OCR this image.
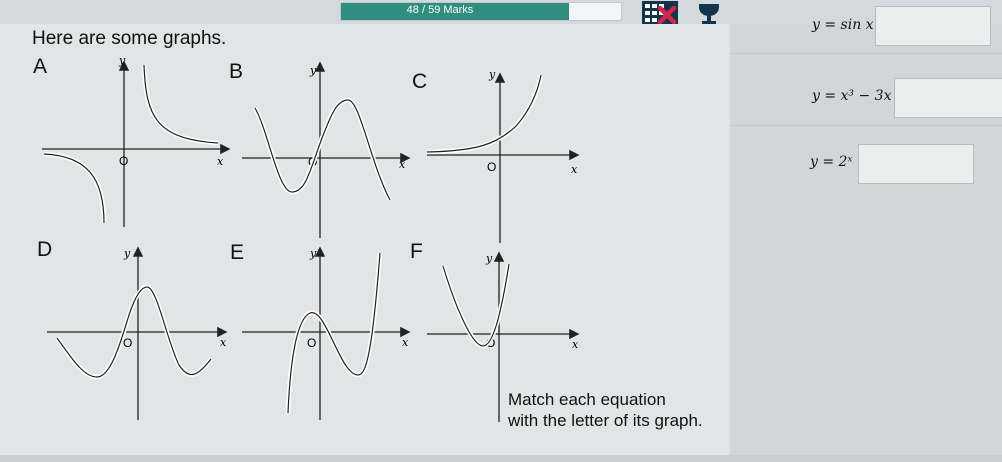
48 / 59 Marks
Here are some graphs.
A	B	C
D	E	F
y
x
O
y
x
O
y
x
O
y
x
O
y
x
O
y
x
O
Match each equation
with the letter of its graph.
y = sin x
y = x³ − 3x
y = 2ˣ
